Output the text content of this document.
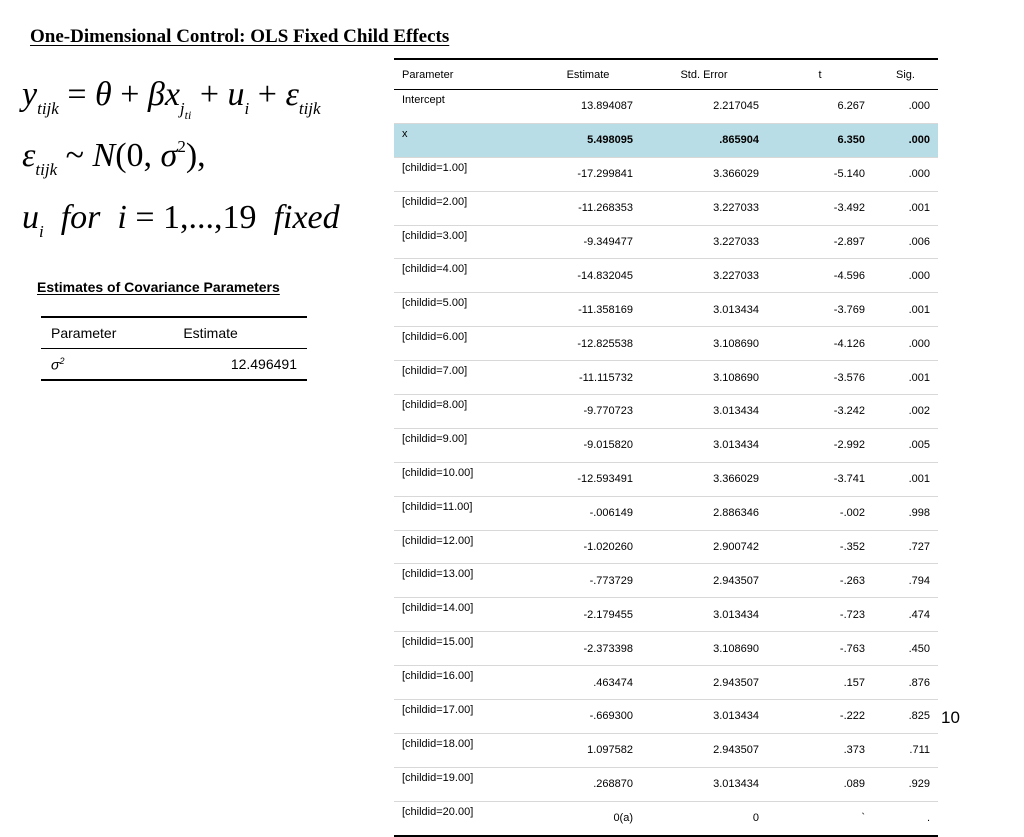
One-Dimensional Control: OLS Fixed Child Effects
$y_{tijk} = \theta + \beta x_{j_{ti}} + u_i + \varepsilon_{tijk}$
$\varepsilon_{tijk}$ ~ N(0, $\sigma^2$),
$u_i$  for  i = 1,...,19  fixed
Estimates of Covariance Parameters
Parameter	Estimate
$\sigma^2$	12.496491
Parameter	Estimate	Std. Error	t	Sig.
Intercept	13.894087	2.217045	6.267	.000
x	5.498095	.865904	6.350	.000
[childid=1.00]	-17.299841	3.366029	-5.140	.000
[childid=2.00]	-11.268353	3.227033	-3.492	.001
[childid=3.00]	-9.349477	3.227033	-2.897	.006
[childid=4.00]	-14.832045	3.227033	-4.596	.000
[childid=5.00]	-11.358169	3.013434	-3.769	.001
[childid=6.00]	-12.825538	3.108690	-4.126	.000
[childid=7.00]	-11.115732	3.108690	-3.576	.001
[childid=8.00]	-9.770723	3.013434	-3.242	.002
[childid=9.00]	-9.015820	3.013434	-2.992	.005
[childid=10.00]	-12.593491	3.366029	-3.741	.001
[childid=11.00]	-.006149	2.886346	-.002	.998
[childid=12.00]	-1.020260	2.900742	-.352	.727
[childid=13.00]	-.773729	2.943507	-.263	.794
[childid=14.00]	-2.179455	3.013434	-.723	.474
[childid=15.00]	-2.373398	3.108690	-.763	.450
[childid=16.00]	.463474	2.943507	.157	.876
[childid=17.00]	-.669300	3.013434	-.222	.825
[childid=18.00]	1.097582	2.943507	.373	.711
[childid=19.00]	.268870	3.013434	.089	.929
[childid=20.00]	0(a)	0	`	.
10
